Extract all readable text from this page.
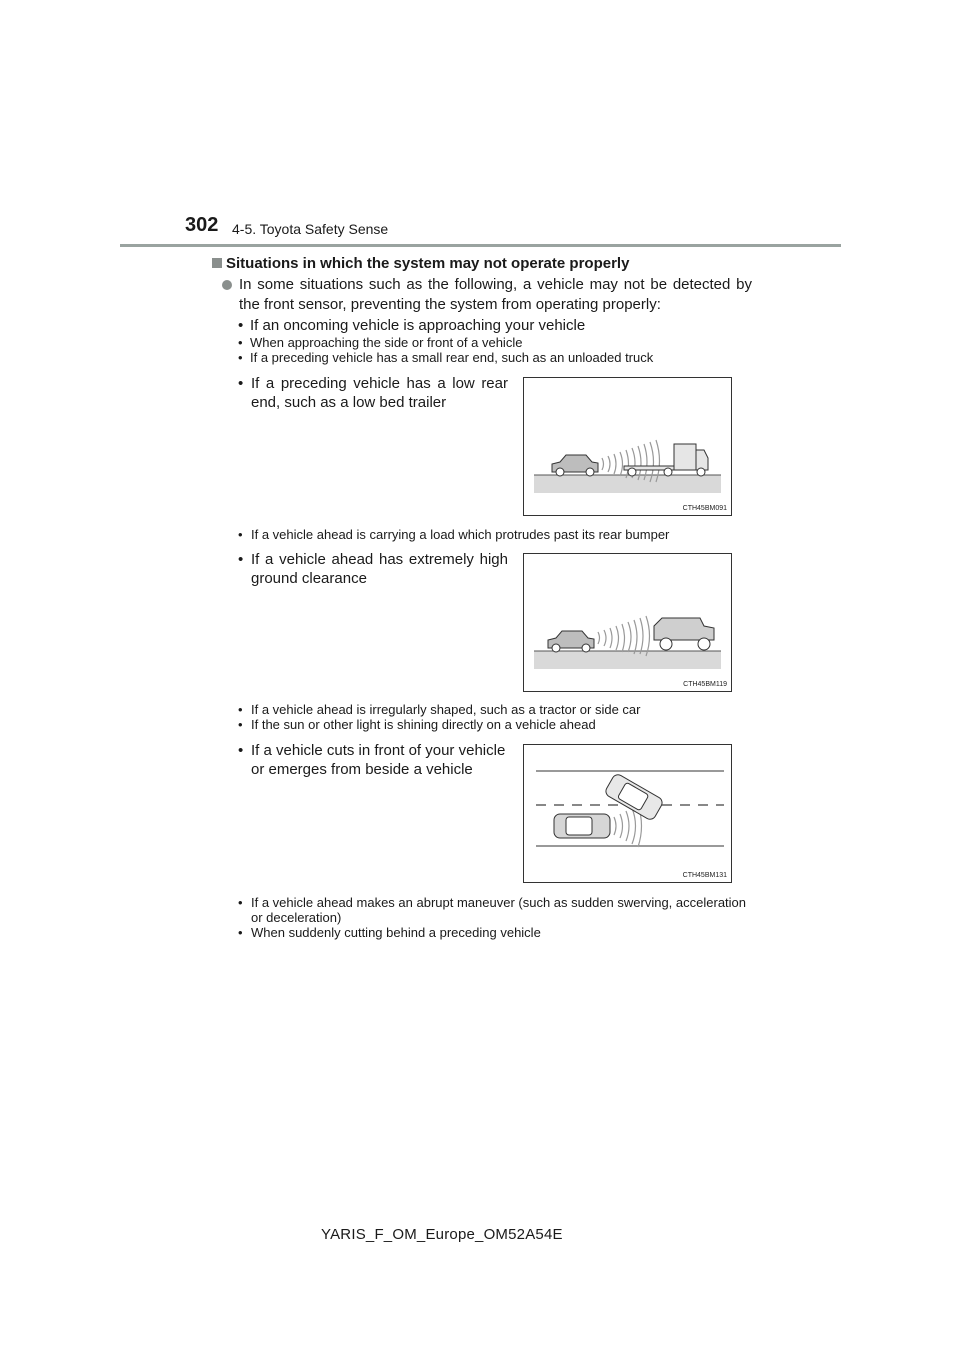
302 4-5. Toyota Safety Sense
Situations in which the system may not operate properly
In some situations such as the following, a vehicle may not be detected by the front sensor, preventing the system from operating properly:
• If an oncoming vehicle is approaching your vehicle
• When approaching the side or front of a vehicle
• If a preceding vehicle has a small rear end, such as an unloaded truck
• If a preceding vehicle has a low rear end, such as a low bed trailer
CTH45BM091
• If a vehicle ahead is carrying a load which protrudes past its rear bumper
• If a vehicle ahead has extremely high ground clearance
CTH45BM119
• If a vehicle ahead is irregularly shaped, such as a tractor or side car
• If the sun or other light is shining directly on a vehicle ahead
• If a vehicle cuts in front of your vehicle or emerges from beside a vehicle
CTH45BM131
• If a vehicle ahead makes an abrupt maneuver (such as sudden swerving, acceleration or deceleration)
• When suddenly cutting behind a preceding vehicle
YARIS_F_OM_Europe_OM52A54E
